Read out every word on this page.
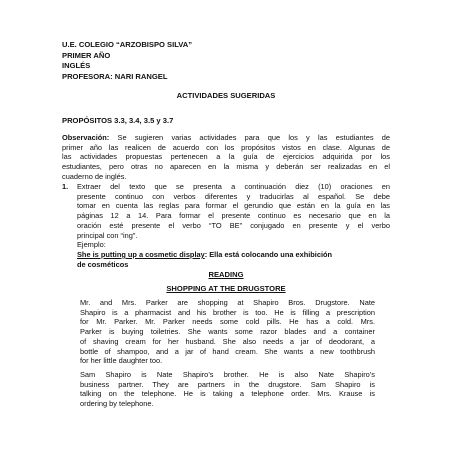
U.E. COLEGIO “ARZOBISPO SILVA”
PRIMER AÑO
INGLÉS
PROFESORA: NARI RANGEL
ACTIVIDADES SUGERIDAS
PROPÓSITOS 3.3, 3.4, 3.5 y 3.7
Observación: Se sugieren varias actividades para que los y las estudiantes de
primer año las realicen de acuerdo con los propósitos vistos en clase. Algunas de
las actividades propuestas pertenecen a la guía de ejercicios adquirida por los
estudiantes, pero otras no aparecen en la misma y deberán ser realizadas en el
cuaderno de inglés.
1. Extraer del texto que se presenta a continuación diez (10) oraciones en
presente continuo con verbos diferentes y traducirlas al español. Se debe
tomar en cuenta las reglas para formar el gerundio que están en la guía en las
páginas 12 a 14. Para formar el presente continuo es necesario que en la
oración esté presente el verbo “TO BE” conjugado en presente y el verbo
principal con “ing”.
Ejemplo:
She is putting up a cosmetic display: Ella está colocando una exhibición
de cosméticos
READING
SHOPPING AT THE DRUGSTORE
Mr. and Mrs. Parker are shopping at Shapiro Bros. Drugstore. Nate
Shapiro is a pharmacist and his brother is too. He is filling a prescription
for Mr. Parker. Mr. Parker needs some cold pills. He has a cold. Mrs.
Parker is buying toiletries. She wants some razor blades and a container
of shaving cream for her husband. She also needs a jar of deodorant, a
bottle of shampoo, and a jar of hand cream. She wants a new toothbrush
for her little daughter too.
Sam Shapiro is Nate Shapiro’s brother. He is also Nate Shapiro’s
business partner. They are partners in the drugstore. Sam Shapiro is
talking on the telephone. He is taking a telephone order. Mrs. Krause is
ordering by telephone.
